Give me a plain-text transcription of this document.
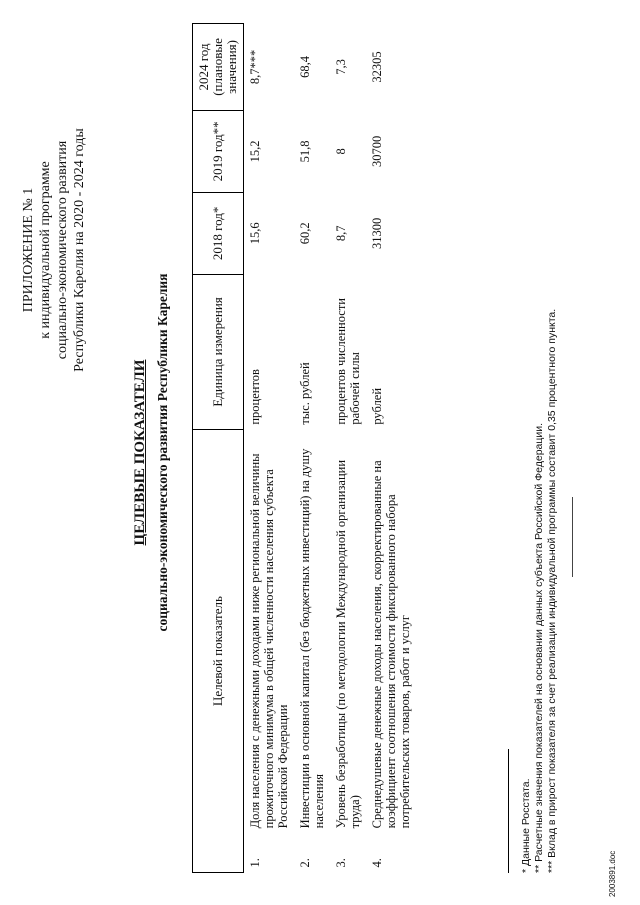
ПРИЛОЖЕНИЕ № 1 к индивидуальной программе социально-экономического развития Республики Карелия на 2020 - 2024 годы
ЦЕЛЕВЫЕ ПОКАЗАТЕЛИ социально-экономического развития Республики Карелия
Целевой показатель		Единица измерения	2018 год*	2019 год**	2024 год (плановые значения)
1.	Доля населения с денежными доходами ниже региональной величины прожиточного минимума в общей численности населения субъекта Российской Федерации	процентов	15,6	15,2	8,7***
2.	Инвестиции в основной капитал (без бюджетных инвестиций) на душу населения	тыс. рублей	60,2	51,8	68,4
3.	Уровень безработицы (по методологии Международной организации труда)	процентов численности рабочей силы	8,7	8	7,3
4.	Среднедушевые денежные доходы населения, скорректированные на коэффициент соотношения стоимости фиксированного набора потребительских товаров, работ и услуг	рублей	31300	30700	32305
* Данные Росстата. ** Расчетные значения показателей на основании данных субъекта Российской Федерации. *** Вклад в прирост показателя за счет реализации индивидуальной программы составит 0,35 процентного пункта.
2003891.doc
